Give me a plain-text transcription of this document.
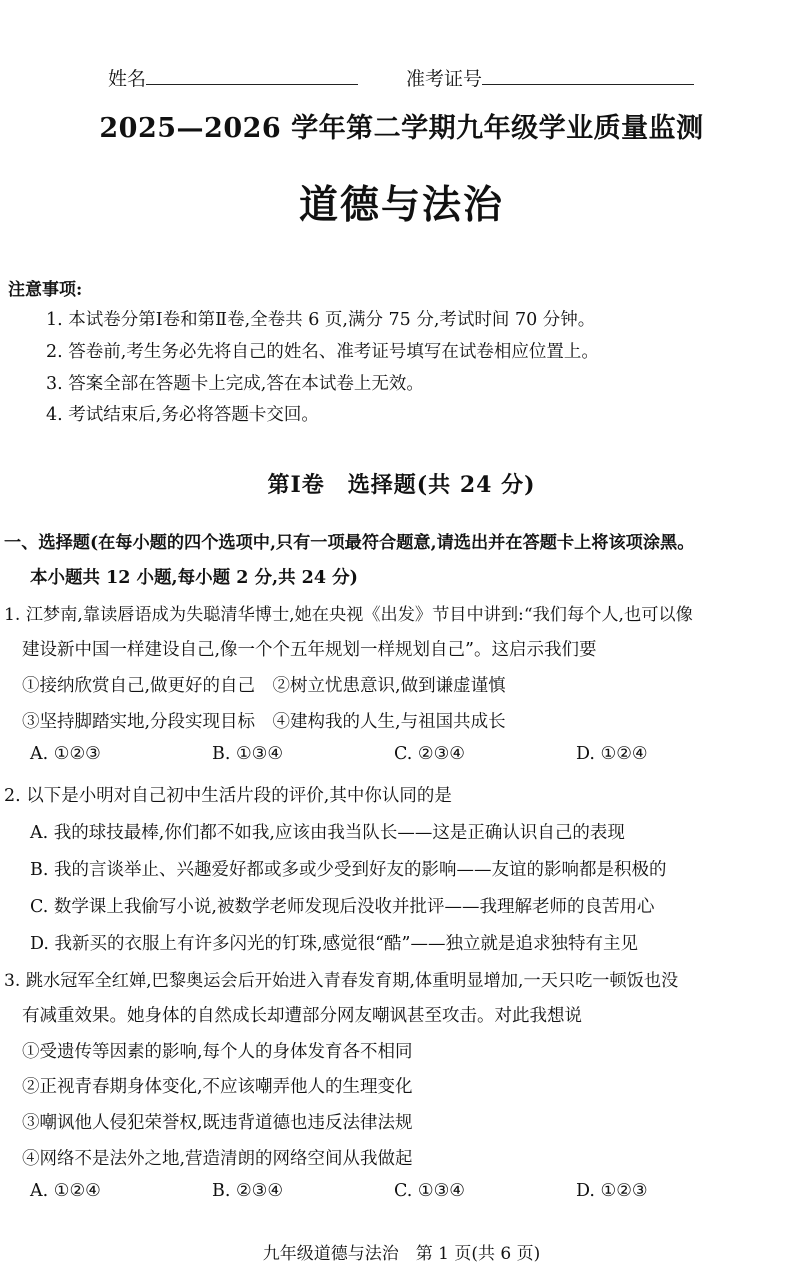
姓名	准考证号
2025—2026 学年第二学期九年级学业质量监测
道德与法治
注意事项:
1. 本试卷分第Ⅰ卷和第Ⅱ卷,全卷共 6 页,满分 75 分,考试时间 70 分钟。
2. 答卷前,考生务必先将自己的姓名、准考证号填写在试卷相应位置上。
3. 答案全部在答题卡上完成,答在本试卷上无效。
4. 考试结束后,务必将答题卡交回。
第Ⅰ卷　选择题(共 24 分)
一、选择题(在每小题的四个选项中,只有一项最符合题意,请选出并在答题卡上将该项涂黑。
本小题共 12 小题,每小题 2 分,共 24 分)
1. 江梦南,靠读唇语成为失聪清华博士,她在央视《出发》节目中讲到:“我们每个人,也可以像
建设新中国一样建设自己,像一个个五年规划一样规划自己”。这启示我们要
①接纳欣赏自己,做更好的自己　②树立忧患意识,做到谦虚谨慎
③坚持脚踏实地,分段实现目标　④建构我的人生,与祖国共成长
A. ①②③	B. ①③④	C. ②③④	D. ①②④
2. 以下是小明对自己初中生活片段的评价,其中你认同的是
A. 我的球技最棒,你们都不如我,应该由我当队长——这是正确认识自己的表现
B. 我的言谈举止、兴趣爱好都或多或少受到好友的影响——友谊的影响都是积极的
C. 数学课上我偷写小说,被数学老师发现后没收并批评——我理解老师的良苦用心
D. 我新买的衣服上有许多闪光的钉珠,感觉很“酷”——独立就是追求独特有主见
3. 跳水冠军全红婵,巴黎奥运会后开始进入青春发育期,体重明显增加,一天只吃一顿饭也没
有减重效果。她身体的自然成长却遭部分网友嘲讽甚至攻击。对此我想说
①受遗传等因素的影响,每个人的身体发育各不相同
②正视青春期身体变化,不应该嘲弄他人的生理变化
③嘲讽他人侵犯荣誉权,既违背道德也违反法律法规
④网络不是法外之地,营造清朗的网络空间从我做起
A. ①②④	B. ②③④	C. ①③④	D. ①②③
九年级道德与法治　第 1 页(共 6 页)
